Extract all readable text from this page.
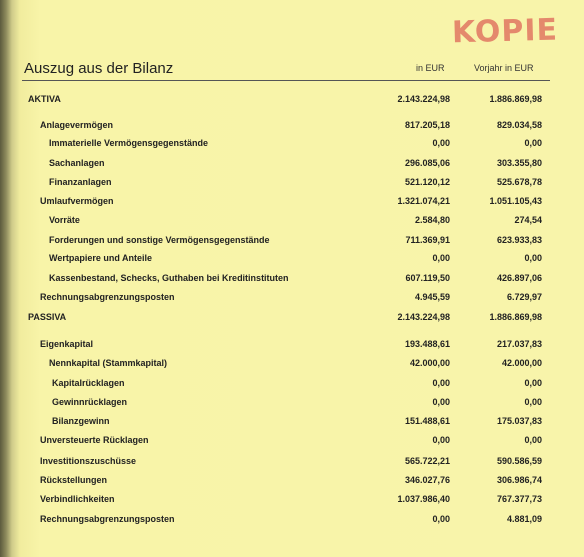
KOPIE
Auszug aus der Bilanz	in EUR	Vorjahr in EUR
AKTIVA	2.143.224,98	1.886.869,98
Anlagevermögen	817.205,18	829.034,58
Immaterielle Vermögensgegenstände	0,00	0,00
Sachanlagen	296.085,06	303.355,80
Finanzanlagen	521.120,12	525.678,78
Umlaufvermögen	1.321.074,21	1.051.105,43
Vorräte	2.584,80	274,54
Forderungen und sonstige Vermögensgegenstände	711.369,91	623.933,83
Wertpapiere und Anteile	0,00	0,00
Kassenbestand, Schecks, Guthaben bei Kreditinstituten	607.119,50	426.897,06
Rechnungsabgrenzungsposten	4.945,59	6.729,97
PASSIVA	2.143.224,98	1.886.869,98
Eigenkapital	193.488,61	217.037,83
Nennkapital (Stammkapital)	42.000,00	42.000,00
Kapitalrücklagen	0,00	0,00
Gewinnrücklagen	0,00	0,00
Bilanzgewinn	151.488,61	175.037,83
Unversteuerte Rücklagen	0,00	0,00
Investitionszuschüsse	565.722,21	590.586,59
Rückstellungen	346.027,76	306.986,74
Verbindlichkeiten	1.037.986,40	767.377,73
Rechnungsabgrenzungsposten	0,00	4.881,09
